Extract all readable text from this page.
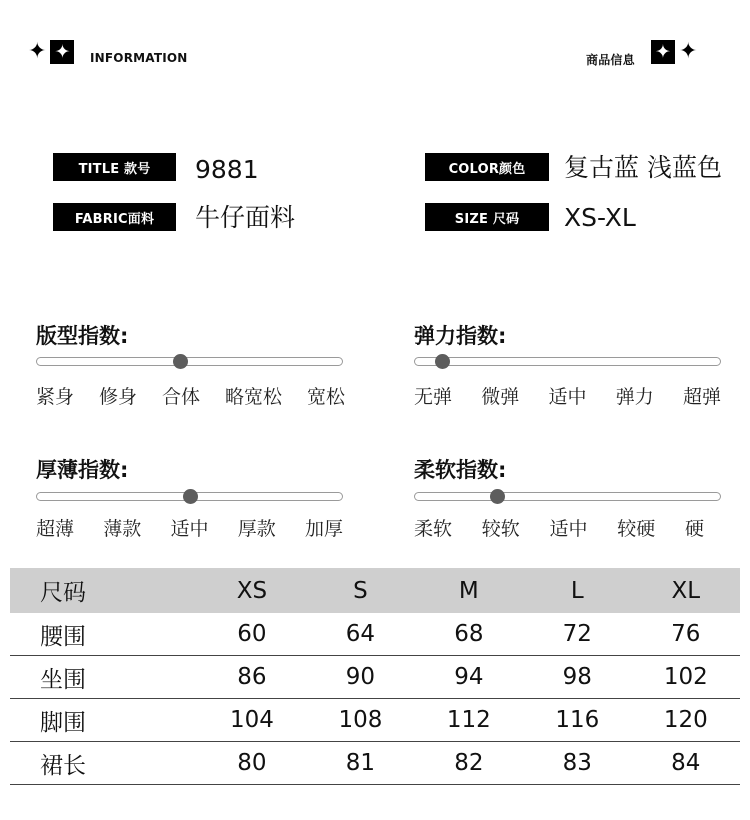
✦ ✦	INFORMATION	商品信息 ✦ ✦
TITLE 款号	9881
FABRIC面料	牛仔面料
COLOR颜色	复古蓝 浅蓝色
SIZE 尺码	XS-XL
版型指数:
紧身 修身 合体 略宽松 宽松
弹力指数:
无弹 微弹 适中 弹力 超弹
厚薄指数:
超薄 薄款 适中 厚款 加厚
柔软指数:
柔软 较软 适中 较硬 硬
尺码	XS	S	M	L	XL
腰围	60	64	68	72	76
坐围	86	90	94	98	102
脚围	104	108	112	116	120
裙长	80	81	82	83	84
